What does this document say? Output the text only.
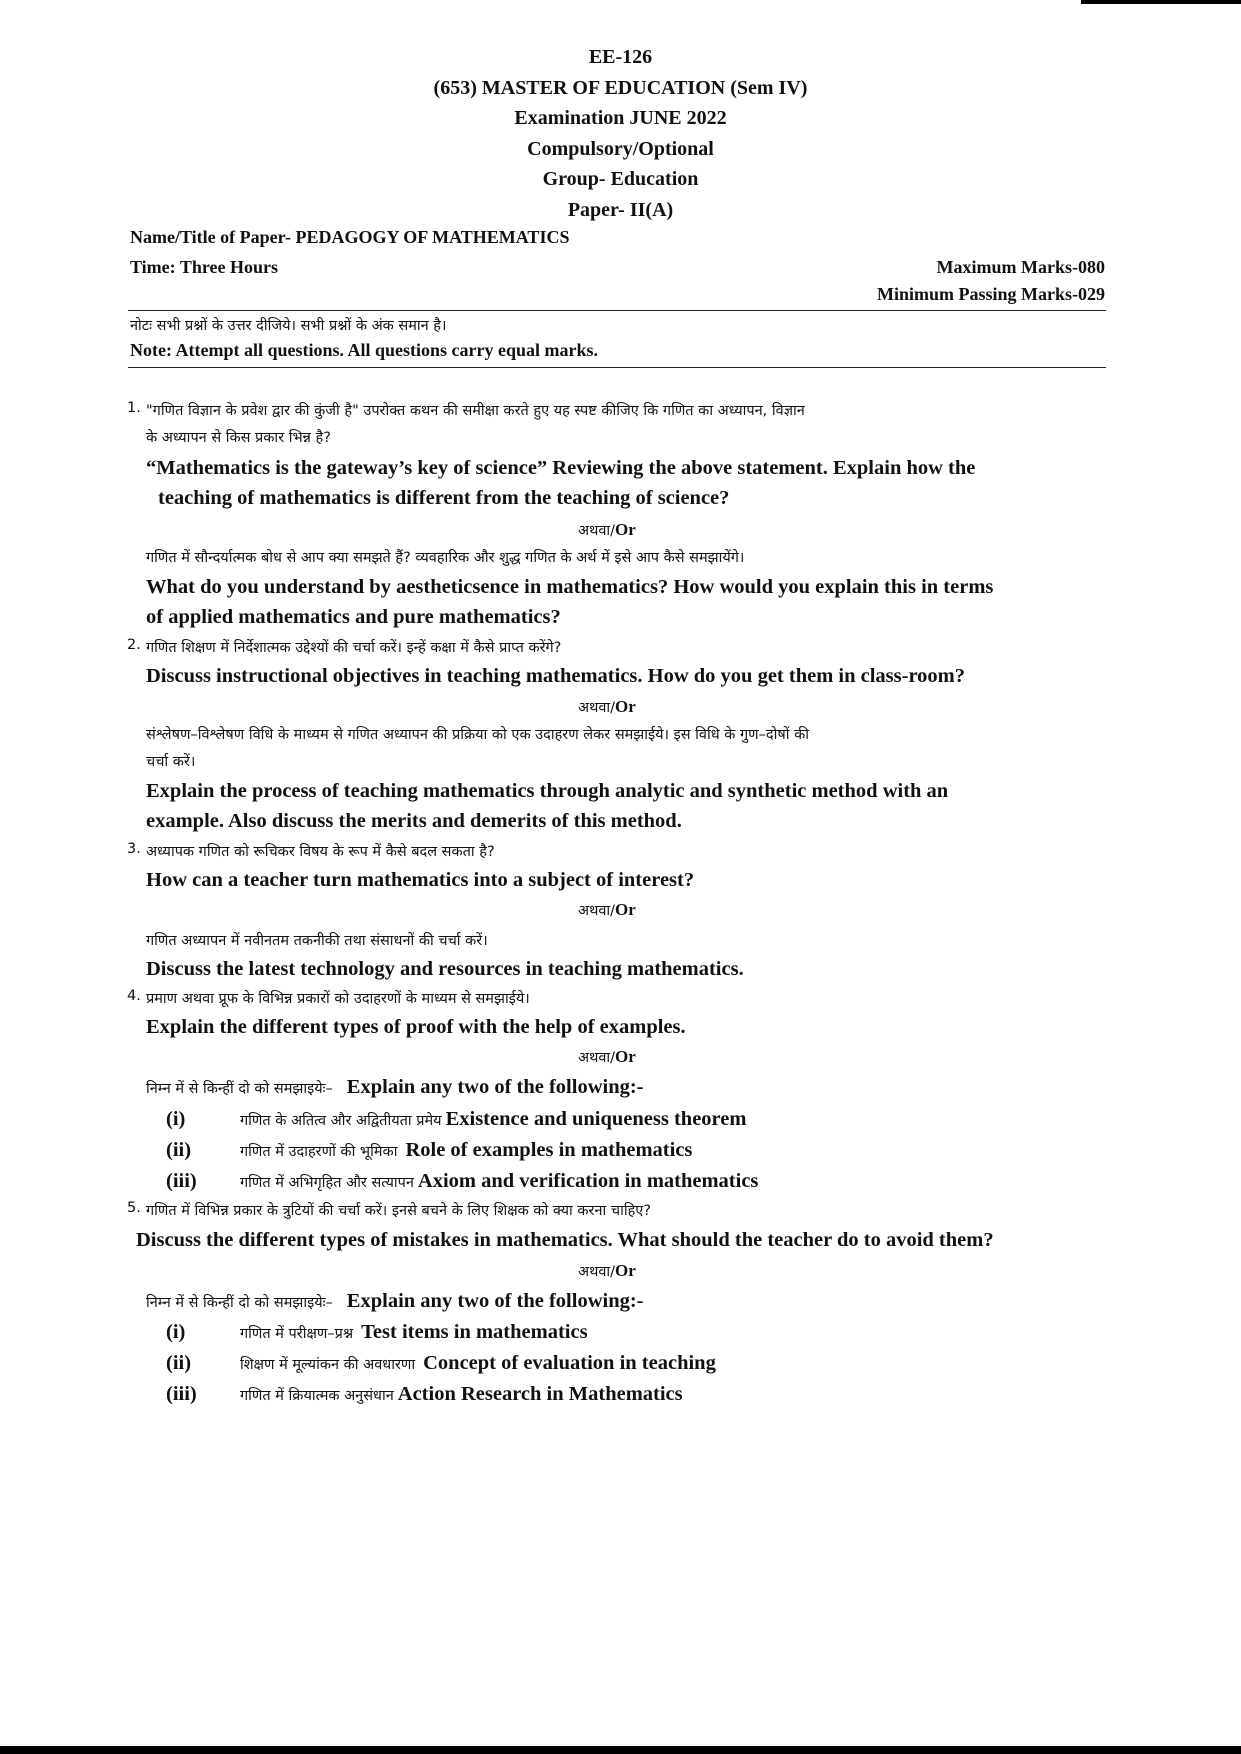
EE-126
(653) MASTER OF EDUCATION (Sem IV)
Examination JUNE 2022
Compulsory/Optional
Group- Education
Paper- II(A)
Name/Title of Paper- PEDAGOGY OF MATHEMATICS
Time: Three Hours	Maximum Marks-080
Minimum Passing Marks-029
नोटः सभी प्रश्नों के उत्तर दीजिये। सभी प्रश्नों के अंक समान है।
Note: Attempt all questions. All questions carry equal marks.
1. "गणित विज्ञान के प्रवेश द्वार की कुंजी है" उपरोक्त कथन की समीक्षा करते हुए यह स्पष्ट कीजिए कि गणित का अध्यापन, विज्ञान
के अध्यापन से किस प्रकार भिन्न है?
“Mathematics is the gateway’s key of science” Reviewing the above statement. Explain how the
teaching of mathematics is different from the teaching of science?
अथवा/Or
गणित में सौन्दर्यात्मक बोध से आप क्या समझते हैं? व्यवहारिक और शुद्ध गणित के अर्थ में इसे आप कैसे समझायेंगे।
What do you understand by aestheticsence in mathematics? How would you explain this in terms
of applied mathematics and pure mathematics?
2. गणित शिक्षण में निर्देशात्मक उद्देश्यों की चर्चा करें। इन्हें कक्षा में कैसे प्राप्त करेंगे?
Discuss instructional objectives in teaching mathematics. How do you get them in class-room?
अथवा/Or
संश्लेषण–विश्लेषण विधि के माध्यम से गणित अध्यापन की प्रक्रिया को एक उदाहरण लेकर समझाईये। इस विधि के गुण–दोषों की
चर्चा करें।
Explain the process of teaching mathematics through analytic and synthetic method with an
example. Also discuss the merits and demerits of this method.
3. अध्यापक गणित को रूचिकर विषय के रूप में कैसे बदल सकता है?
How can a teacher turn mathematics into a subject of interest?
अथवा/Or
गणित अध्यापन में नवीनतम तकनीकी तथा संसाधनों की चर्चा करें।
Discuss the latest technology and resources in teaching mathematics.
4. प्रमाण अथवा प्रूफ के विभिन्न प्रकारों को उदाहरणों के माध्यम से समझाईये।
Explain the different types of proof with the help of examples.
अथवा/Or
निम्न में से किन्हीं दो को समझाइयेः– Explain any two of the following:-
(i)	गणित के अतित्व और अद्वितीयता प्रमेय Existence and uniqueness theorem
(ii)	गणित में उदाहरणों की भूमिका Role of examples in mathematics
(iii)	गणित में अभिगृहित और सत्यापन Axiom and verification in mathematics
5. गणित में विभिन्न प्रकार के त्रुटियों की चर्चा करें। इनसे बचने के लिए शिक्षक को क्या करना चाहिए?
Discuss the different types of mistakes in mathematics. What should the teacher do to avoid them?
अथवा/Or
निम्न में से किन्हीं दो को समझाइयेः– Explain any two of the following:-
(i)	गणित में परीक्षण–प्रश्न Test items in mathematics
(ii)	शिक्षण में मूल्यांकन की अवधारणा Concept of evaluation in teaching
(iii)	गणित में क्रियात्मक अनुसंधान Action Research in Mathematics
